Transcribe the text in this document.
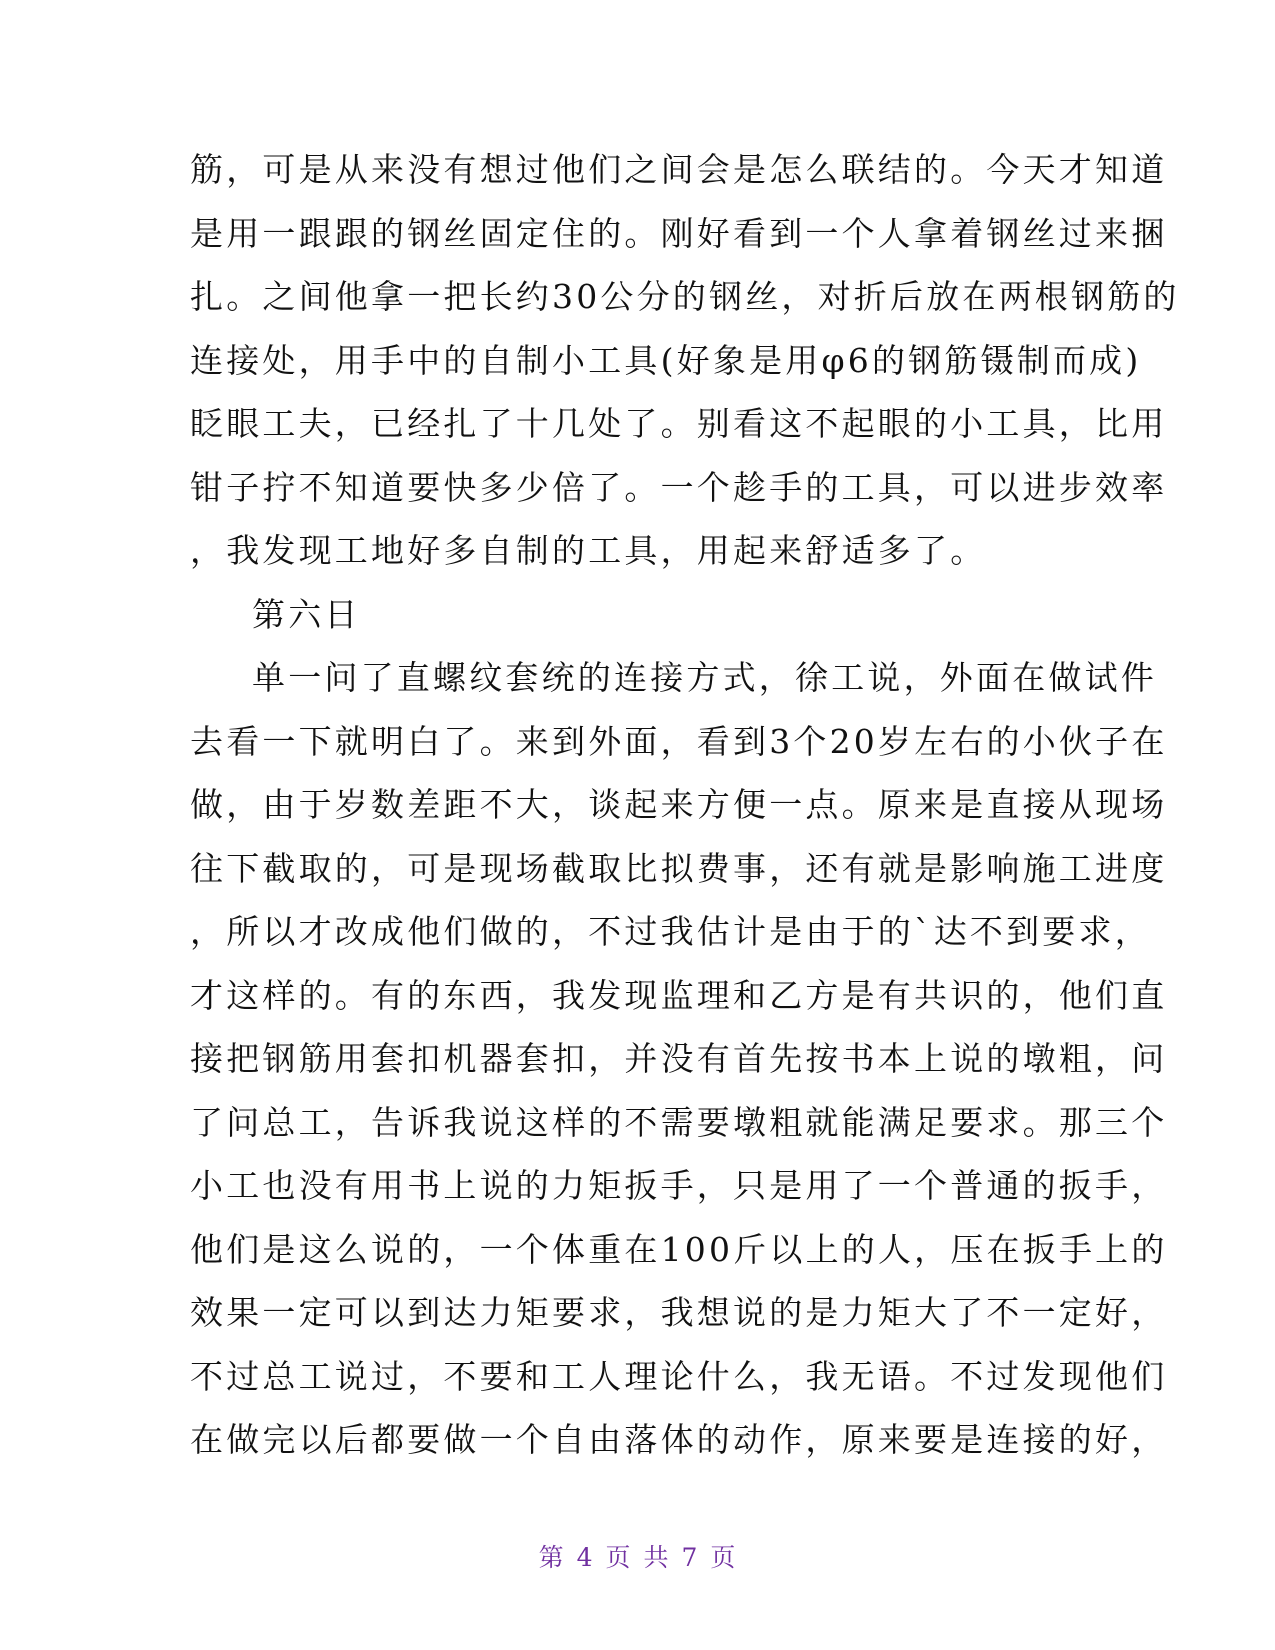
筋，可是从来没有想过他们之间会是怎么联结的。今天才知道
是用一跟跟的钢丝固定住的。刚好看到一个人拿着钢丝过来捆
扎。之间他拿一把长约30公分的钢丝，对折后放在两根钢筋的
连接处，用手中的自制小工具(好象是用φ6的钢筋镊制而成)
眨眼工夫，已经扎了十几处了。别看这不起眼的小工具，比用
钳子拧不知道要快多少倍了。一个趁手的工具，可以进步效率
，我发现工地好多自制的工具，用起来舒适多了。
第六日
单一问了直螺纹套统的连接方式，徐工说，外面在做试件
去看一下就明白了。来到外面，看到3个20岁左右的小伙子在
做，由于岁数差距不大，谈起来方便一点。原来是直接从现场
往下截取的，可是现场截取比拟费事，还有就是影响施工进度
，所以才改成他们做的，不过我估计是由于的`达不到要求，
才这样的。有的东西，我发现监理和乙方是有共识的，他们直
接把钢筋用套扣机器套扣，并没有首先按书本上说的墩粗，问
了问总工，告诉我说这样的不需要墩粗就能满足要求。那三个
小工也没有用书上说的力矩扳手，只是用了一个普通的扳手，
他们是这么说的，一个体重在100斤以上的人，压在扳手上的
效果一定可以到达力矩要求，我想说的是力矩大了不一定好，
不过总工说过，不要和工人理论什么，我无语。不过发现他们
在做完以后都要做一个自由落体的动作，原来要是连接的好，
第 4 页 共 7 页
